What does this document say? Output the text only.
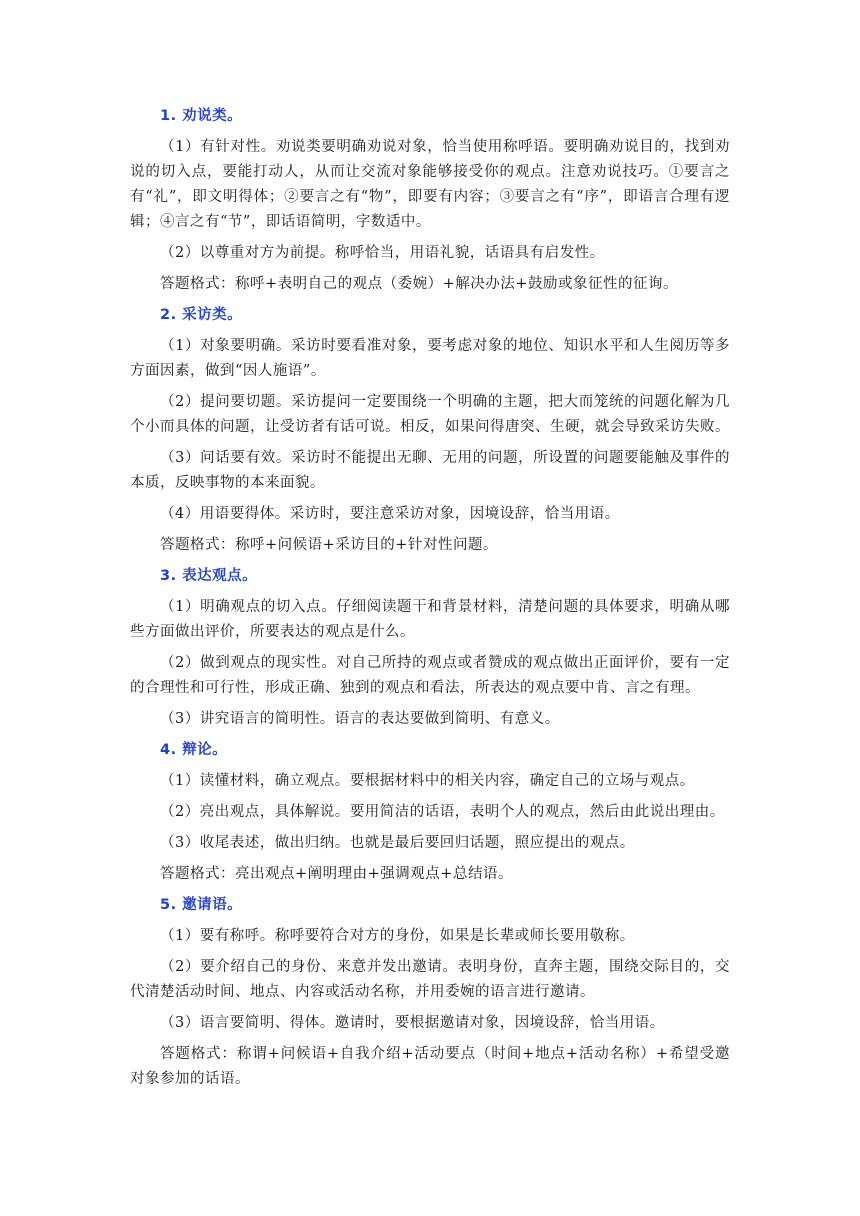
1. 劝说类。
（1）有针对性。劝说类要明确劝说对象，恰当使用称呼语。要明确劝说目的，找到劝说的切入点，要能打动人，从而让交流对象能够接受你的观点。注意劝说技巧。①要言之有“礼”，即文明得体；②要言之有“物”，即要有内容；③要言之有“序”，即语言合理有逻辑；④言之有“节”，即话语简明，字数适中。
（2）以尊重对方为前提。称呼恰当，用语礼貌，话语具有启发性。
答题格式：称呼+表明自己的观点（委婉）+解决办法+鼓励或象征性的征询。
2. 采访类。
（1）对象要明确。采访时要看准对象，要考虑对象的地位、知识水平和人生阅历等多方面因素，做到“因人施语”。
（2）提问要切题。采访提问一定要围绕一个明确的主题，把大而笼统的问题化解为几个小而具体的问题，让受访者有话可说。相反，如果问得唐突、生硬，就会导致采访失败。
（3）问话要有效。采访时不能提出无聊、无用的问题，所设置的问题要能触及事件的本质，反映事物的本来面貌。
（4）用语要得体。采访时，要注意采访对象，因境设辞，恰当用语。
答题格式：称呼+问候语+采访目的+针对性问题。
3. 表达观点。
（1）明确观点的切入点。仔细阅读题干和背景材料，清楚问题的具体要求，明确从哪些方面做出评价，所要表达的观点是什么。
（2）做到观点的现实性。对自己所持的观点或者赞成的观点做出正面评价，要有一定的合理性和可行性，形成正确、独到的观点和看法，所表达的观点要中肯、言之有理。
（3）讲究语言的简明性。语言的表达要做到简明、有意义。
4. 辩论。
（1）读懂材料，确立观点。要根据材料中的相关内容，确定自己的立场与观点。
（2）亮出观点，具体解说。要用简洁的话语，表明个人的观点，然后由此说出理由。
（3）收尾表述，做出归纳。也就是最后要回归话题，照应提出的观点。
答题格式：亮出观点+阐明理由+强调观点+总结语。
5. 邀请语。
（1）要有称呼。称呼要符合对方的身份，如果是长辈或师长要用敬称。
（2）要介绍自己的身份、来意并发出邀请。表明身份，直奔主题，围绕交际目的，交代清楚活动时间、地点、内容或活动名称，并用委婉的语言进行邀请。
（3）语言要简明、得体。邀请时，要根据邀请对象，因境设辞，恰当用语。
答题格式：称谓+问候语+自我介绍+活动要点（时间+地点+活动名称）+希望受邀对象参加的话语。
